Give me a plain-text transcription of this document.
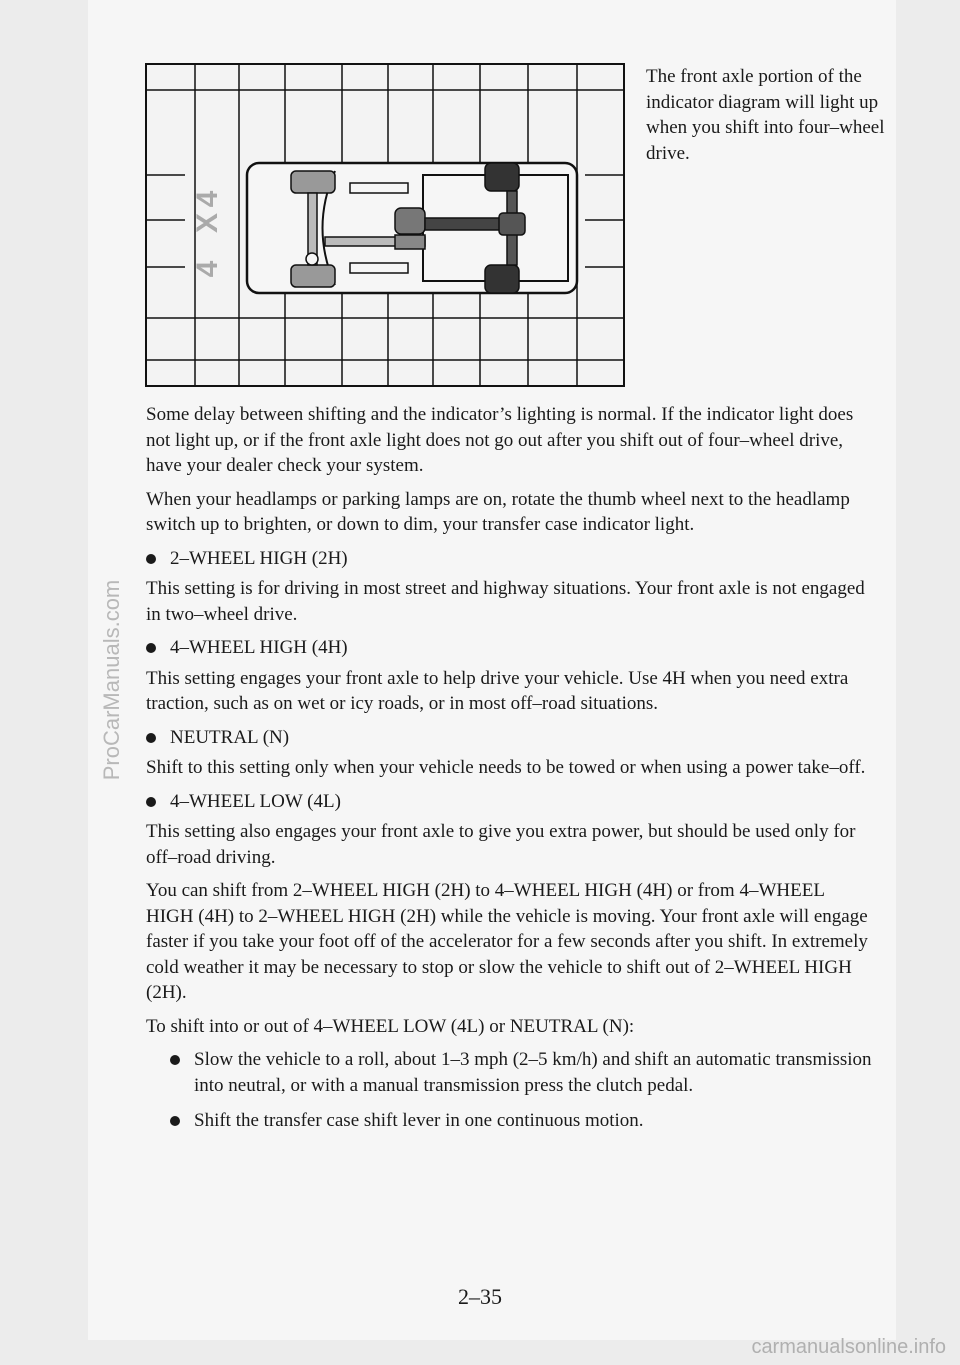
ProCarManuals.com
4
X
4

The front axle portion of the indicator diagram will light up when you shift into four–wheel drive.

Some delay between shifting and the indicator’s lighting is normal. If the indicator light does not light up, or if the front axle light does not go out after you shift out of four–wheel drive, have your dealer check your system.

When your headlamps or parking lamps are on, rotate the thumb wheel next to the headlamp switch up to brighten, or down to dim, your transfer case indicator light.

2–WHEEL HIGH (2H)

This setting is for driving in most street and highway situations. Your front axle is not engaged in two–wheel drive.

4–WHEEL HIGH (4H)

This setting engages your front axle to help drive your vehicle. Use 4H when you need extra traction, such as on wet or icy roads, or in most off–road situations.

NEUTRAL (N)

Shift to this setting only when your vehicle needs to be towed or when using a power take–off.

4–WHEEL LOW (4L)

This setting also engages your front axle to give you extra power, but should be used only for off–road driving.

You can shift from 2–WHEEL HIGH (2H) to 4–WHEEL HIGH (4H) or from 4–WHEEL HIGH (4H) to 2–WHEEL HIGH (2H) while the vehicle is moving. Your front axle will engage faster if you take your foot off of the accelerator for a few seconds after you shift. In extremely cold weather it may be necessary to stop or slow the vehicle to shift out of 2–WHEEL HIGH (2H).

To shift into or out of 4–WHEEL LOW (4L) or NEUTRAL (N):

Slow the vehicle to a roll, about 1–3 mph (2–5 km/h) and shift an automatic transmission into neutral, or with a manual transmission press the clutch pedal.
Shift the transfer case shift lever in one continuous motion.
2–35
carmanualsonline.info
